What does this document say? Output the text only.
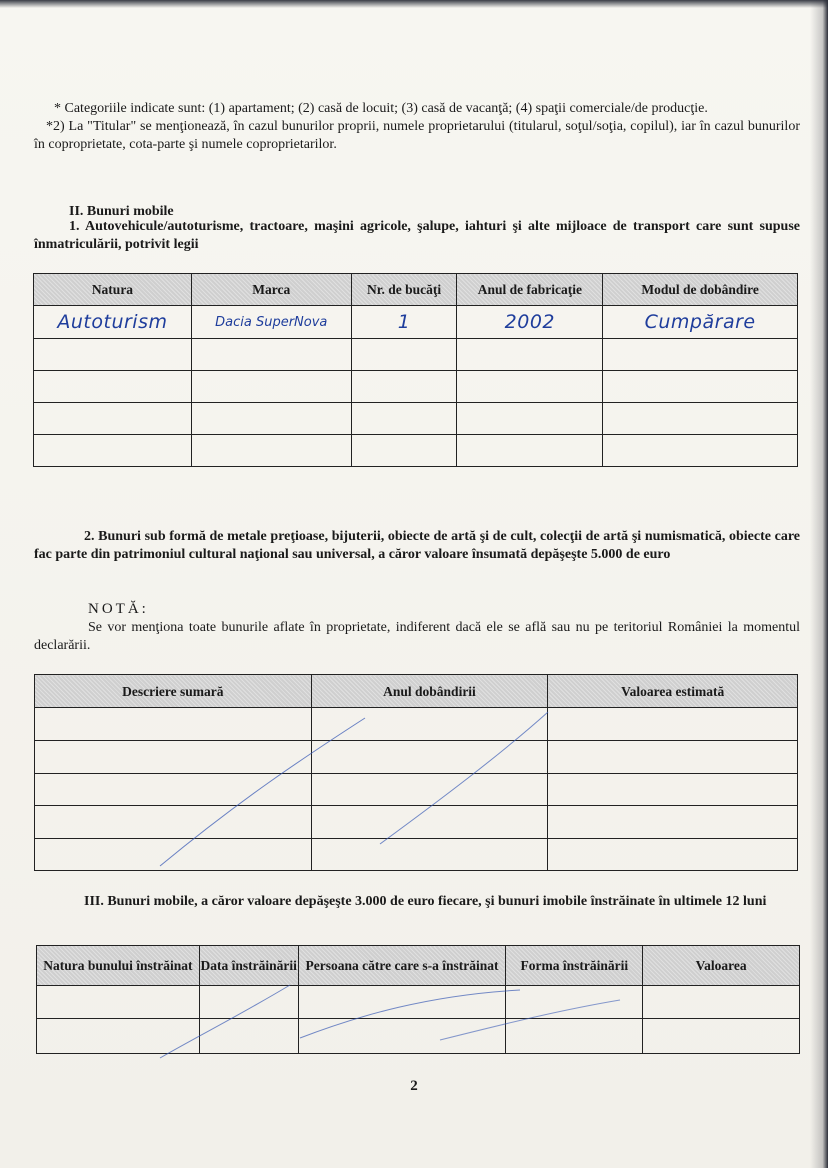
* Categoriile indicate sunt: (1) apartament; (2) casă de locuit; (3) casă de vacanţă; (4) spaţii comerciale/de producţie.

*2) La "Titular" se menţionează, în cazul bunurilor proprii, numele proprietarului (titularul, soţul/soţia, copilul), iar în cazul bunurilor în coproprietate, cota-parte şi numele coproprietarilor.

II. Bunuri mobile
1. Autovehicule/autoturisme, tractoare, maşini agricole, şalupe, iahturi şi alte mijloace de transport care sunt supuse înmatriculării, potrivit legii
Natura	Marca	Nr. de bucăţi	Anul de fabricaţie	Modul de dobândire
Autoturism	Dacia SuperNova	1	2002	Cumpărare

2. Bunuri sub formă de metale preţioase, bijuterii, obiecte de artă şi de cult, colecţii de artă şi numismatică, obiecte care fac parte din patrimoniul cultural naţional sau universal, a căror valoare însumată depăşeşte 5.000 de euro
NOTĂ:
Se vor menţiona toate bunurile aflate în proprietate, indiferent dacă ele se află sau nu pe teritoriul României la momentul declarării.
Descriere sumară	Anul dobândirii	Valoarea estimată

III. Bunuri mobile, a căror valoare depăşeşte 3.000 de euro fiecare, şi bunuri imobile înstrăinate în ultimele 12 luni
Natura bunului înstrăinat	Data înstrăinării	Persoana către care s-a înstrăinat	Forma înstrăinării	Valoarea

2
